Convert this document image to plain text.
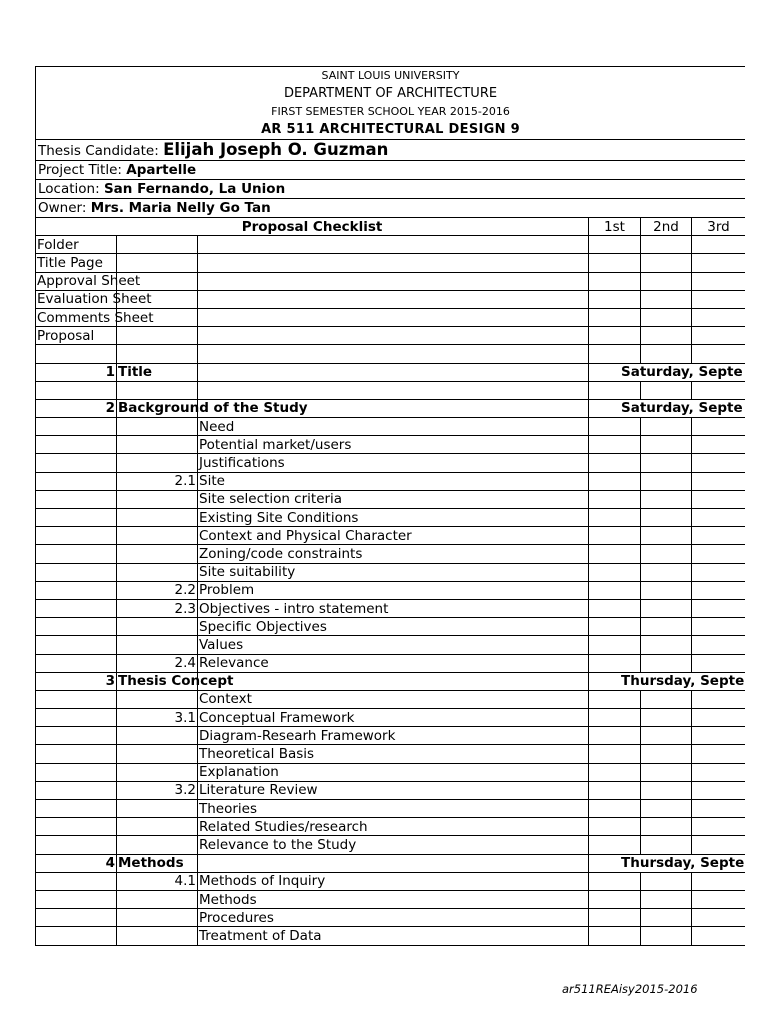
SAINT LOUIS UNIVERSITY
DEPARTMENT OF ARCHITECTURE
FIRST SEMESTER SCHOOL YEAR 2015-2016
AR 511 ARCHITECTURAL DESIGN 9
Thesis Candidate: Elijah Joseph O. Guzman
Project Title: Apartelle
Location: San Fernando, La Union
Owner: Mrs. Maria Nelly Go Tan
Proposal Checklist			1st	2nd	3rd
Folder					
Title Page					
Approval Sheet					
Evaluation Sheet					
Comments Sheet					
Proposal					

1	Title		Saturday, Septe		

2	Background of the Study		Saturday, Septe		
		Need			
		Potential market/users			
		Justifications			
	2.1	Site			
		Site selection criteria			
		Existing Site Conditions			
		Context and Physical Character			
		Zoning/code constraints			
		Site suitability			
	2.2	Problem			
	2.3	Objectives - intro statement			
		Specific Objectives			
		Values			
	2.4	Relevance			
3	Thesis Concept		Thursday, Septe		
		Context			
	3.1	Conceptual Framework			
		Diagram-Researh Framework			
		Theoretical Basis			
		Explanation			
	3.2	Literature Review			
		Theories			
		Related Studies/research			
		Relevance to the Study			
4	Methods		Thursday, Septe		
	4.1	Methods of Inquiry			
		Methods			
		Procedures			
		Treatment of Data			
ar511REAisy2015-2016
